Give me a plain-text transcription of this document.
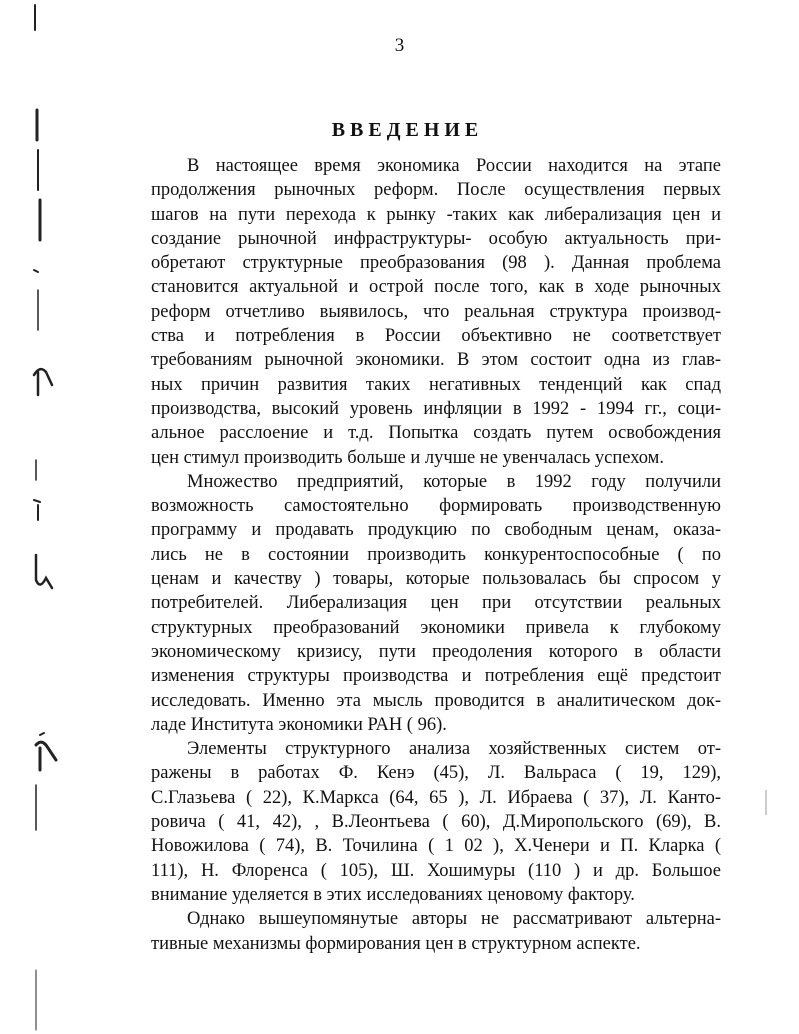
3
ВВЕДЕНИЕ
В настоящее время экономика России находится на этапе
продолжения рыночных реформ. После осуществления первых
шагов на пути перехода к рынку -таких как либерализация цен и
создание рыночной инфраструктуры- особую актуальность при-
обретают структурные преобразования (98 ). Данная проблема
становится актуальной и острой после того, как в ходе рыночных
реформ отчетливо выявилось, что реальная структура производ-
ства и потребления в России объективно не соответствует
требованиям рыночной экономики. В этом состоит одна из глав-
ных причин развития таких негативных тенденций как спад
производства, высокий уровень инфляции в 1992 - 1994 гг., соци-
альное расслоение и т.д. Попытка создать путем освобождения
цен стимул производить больше и лучше не увенчалась успехом.
Множество предприятий, которые в 1992 году получили
возможность самостоятельно формировать производственную
программу и продавать продукцию по свободным ценам, оказа-
лись не в состоянии производить конкурентоспособные ( по
ценам и качеству ) товары, которые пользовалась бы спросом у
потребителей. Либерализация цен при отсутствии реальных
структурных преобразований экономики привела к глубокому
экономическому кризису, пути преодоления которого в области
изменения структуры производства и потребления ещё предстоит
исследовать. Именно эта мысль проводится в аналитическом док-
ладе Института экономики РАН ( 96).
Элементы структурного анализа хозяйственных систем от-
ражены в работах Ф. Кенэ (45), Л. Вальраса ( 19, 129),
С.Глазьева ( 22), К.Маркса (64, 65 ), Л. Ибраева ( 37), Л. Канто-
ровича ( 41, 42), , В.Леонтьева ( 60), Д.Миропольского (69), В.
Новожилова ( 74), В. Точилина ( 1 02 ), Х.Ченери и П. Кларка (
111), Н. Флоренса ( 105), Ш. Хошимуры (110 ) и др. Большое
внимание уделяется в этих исследованиях ценовому фактору.
Однако вышеупомянутые авторы не рассматривают альтерна-
тивные механизмы формирования цен в структурном аспекте.
